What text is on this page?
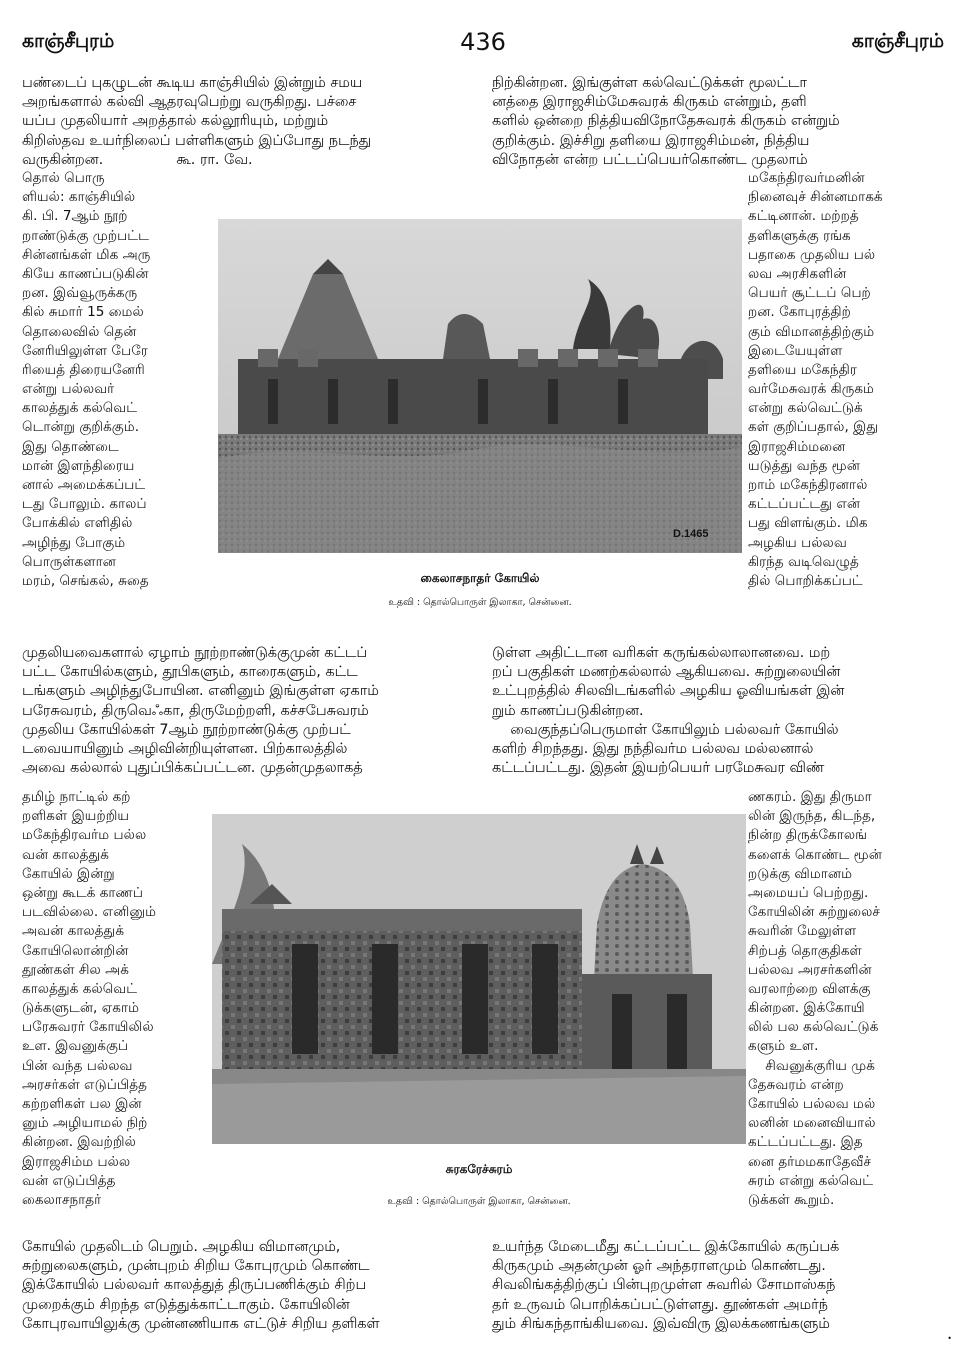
காஞ்சீபுரம்	436	காஞ்சீபுரம்
பண்டைப் புகழுடன் கூடிய காஞ்சியில் இன்றும் சமய
அறங்களால் கல்வி ஆதரவுபெற்று வருகிறது. பச்சை
யப்ப முதலியார் அறத்தால் கல்லூரியும், மற்றும்
கிறிஸ்தவ உயர்நிலைப் பள்ளிகளும் இப்போது நடந்து
வருகின்றன.                கூ. ரா. வே.
நிற்கின்றன. இங்குள்ள கல்வெட்டுக்கள் மூலட்டா
னத்தை இராஜசிம்மேசுவரக் கிருகம் என்றும், தளி
களில் ஒன்றை நித்தியவிநோதேசுவரக் கிருகம் என்றும்
குறிக்கும். இச்சிறு தளியை இராஜசிம்மன், நித்திய
விநோதன் என்ற பட்டப்பெயர்கொண்ட முதலாம்
தொல் பொரு
ளியல்: காஞ்சியில்
கி. பி. 7ஆம் நூற்
றாண்டுக்கு முற்பட்ட
சின்னங்கள் மிக அரு
கியே காணப்படுகின்
றன. இவ்வூருக்கரு
கில் சுமார் 15 மைல்
தொலைவில் தென்
னேரியிலுள்ள பேரே
ரியைத் திரையனேரி
என்று பல்லவர்
காலத்துக் கல்வெட்
டொன்று குறிக்கும்.
இது தொண்டை
மான் இளந்திரைய
னால் அமைக்கப்பட்
டது போலும். காலப்
போக்கில் எளிதில்
அழிந்து போகும்
பொருள்களான
மரம், செங்கல், சுதை
மகேந்திரவர்மனின்
நினைவுச் சின்னமாகக்
கட்டினான். மற்றத்
தளிகளுக்கு ரங்க
பதாகை முதலிய பல்
லவ அரசிகளின்
பெயர் சூட்டப் பெற்
றன. கோபுரத்திற்
கும் விமானத்திற்கும்
இடையேயுள்ள
தளியை மகேந்திர
வர்மேசுவரக் கிருகம்
என்று கல்வெட்டுக்
கள் குறிப்பதால், இது
இராஜசிம்மனை
யடுத்து வந்த மூன்
றாம் மகேந்திரனால்
கட்டப்பட்டது என்
பது விளங்கும். மிக
அழகிய பல்லவ
கிரந்த வடிவெழுத்
தில் பொறிக்கப்பட்
D.1465
கைலாசநாதர் கோயில்
உதவி : தொல்பொருள் இலாகா, சென்னை.
முதலியவைகளால் ஏழாம் நூற்றாண்டுக்குமுன் கட்டப்
பட்ட கோயில்களும், தூபிகளும், காரைகளும், கட்ட
டங்களும் அழிந்துபோயின. எனினும் இங்குள்ள ஏகாம்
பரேசுவரம், திருவெஃகா, திருமேற்றளி, கச்சபேசுவரம்
முதலிய கோயில்கள் 7ஆம் நூற்றாண்டுக்கு முற்பட்
டவையாயினும் அழிவின்றியுள்ளன. பிற்காலத்தில்
அவை கல்லால் புதுப்பிக்கப்பட்டன. முதன்முதலாகத்
டுள்ள அதிட்டான வரிகள் கருங்கல்லாலானவை. மற்
றப் பகுதிகள் மணற்கல்லால் ஆகியவை. சுற்றுலையின்
உட்புறத்தில் சிலவிடங்களில் அழகிய ஓவியங்கள் இன்
றும் காணப்படுகின்றன.
வைகுந்தப்பெருமாள் கோயிலும் பல்லவர் கோயில்
களிற் சிறந்தது. இது நந்திவர்ம பல்லவ மல்லனால்
கட்டப்பட்டது. இதன் இயற்பெயர் பரமேசுவர விண்
தமிழ் நாட்டில் கற்
றளிகள் இயற்றிய
மகேந்திரவர்ம பல்ல
வன் காலத்துக்
கோயில் இன்று
ஒன்று கூடக் காணப்
படவில்லை. எனினும்
அவன் காலத்துக்
கோயிலொன்றின்
தூண்கள் சில அக்
காலத்துக் கல்வெட்
டுக்களுடன், ஏகாம்
பரேசுவரர் கோயிலில்
உள. இவனுக்குப்
பின் வந்த பல்லவ
அரசர்கள் எடுப்பித்த
கற்றளிகள் பல இன்
னும் அழியாமல் நிற்
கின்றன. இவற்றில்
இராஜசிம்ம பல்ல
வன் எடுப்பித்த
கைலாசநாதர்
ணகரம். இது திருமா
லின் இருந்த, கிடந்த,
நின்ற திருக்கோலங்
களைக் கொண்ட மூன்
றடுக்கு விமானம்
அமையப் பெற்றது.
கோயிலின் சுற்றுலைச்
சுவரின் மேலுள்ள
சிற்பத் தொகுதிகள்
பல்லவ அரசர்களின்
வரலாற்றை விளக்கு
கின்றன. இக்கோயி
லில் பல கல்வெட்டுக்
களும் உள.
சிவனுக்குரிய முக்
தேசுவரம் என்ற
கோயில் பல்லவ மல்
லனின் மனைவியால்
கட்டப்பட்டது. இத
னை தர்மமகாதேவீச்
சுரம் என்று கல்வெட்
டுக்கள் கூறும்.
சுரகரேச்சுரம்
உதவி : தொல்பொருள் இலாகா, சென்னை.
கோயில் முதலிடம் பெறும். அழகிய விமானமும்,
சுற்றுலைகளும், முன்புறம் சிறிய கோபுரமும் கொண்ட
இக்கோயில் பல்லவர் காலத்துத் திருப்பணிக்கும் சிற்ப
முறைக்கும் சிறந்த எடுத்துக்காட்டாகும். கோயிலின்
கோபுரவாயிலுக்கு முன்னணியாக எட்டுச் சிறிய தளிகள்
உயர்ந்த மேடைமீது கட்டப்பட்ட இக்கோயில் கருப்பக்
கிருகமும் அதன்முன் ஓர் அந்தராளமும் கொண்டது.
சிவலிங்கத்திற்குப் பின்புறமுள்ள சுவரில் சோமாஸ்கந்
தர் உருவம் பொறிக்கப்பட்டுள்ளது. தூண்கள் அமர்ந்
தும் சிங்கந்தாங்கியவை. இவ்விரு இலக்கணங்களும்
•
